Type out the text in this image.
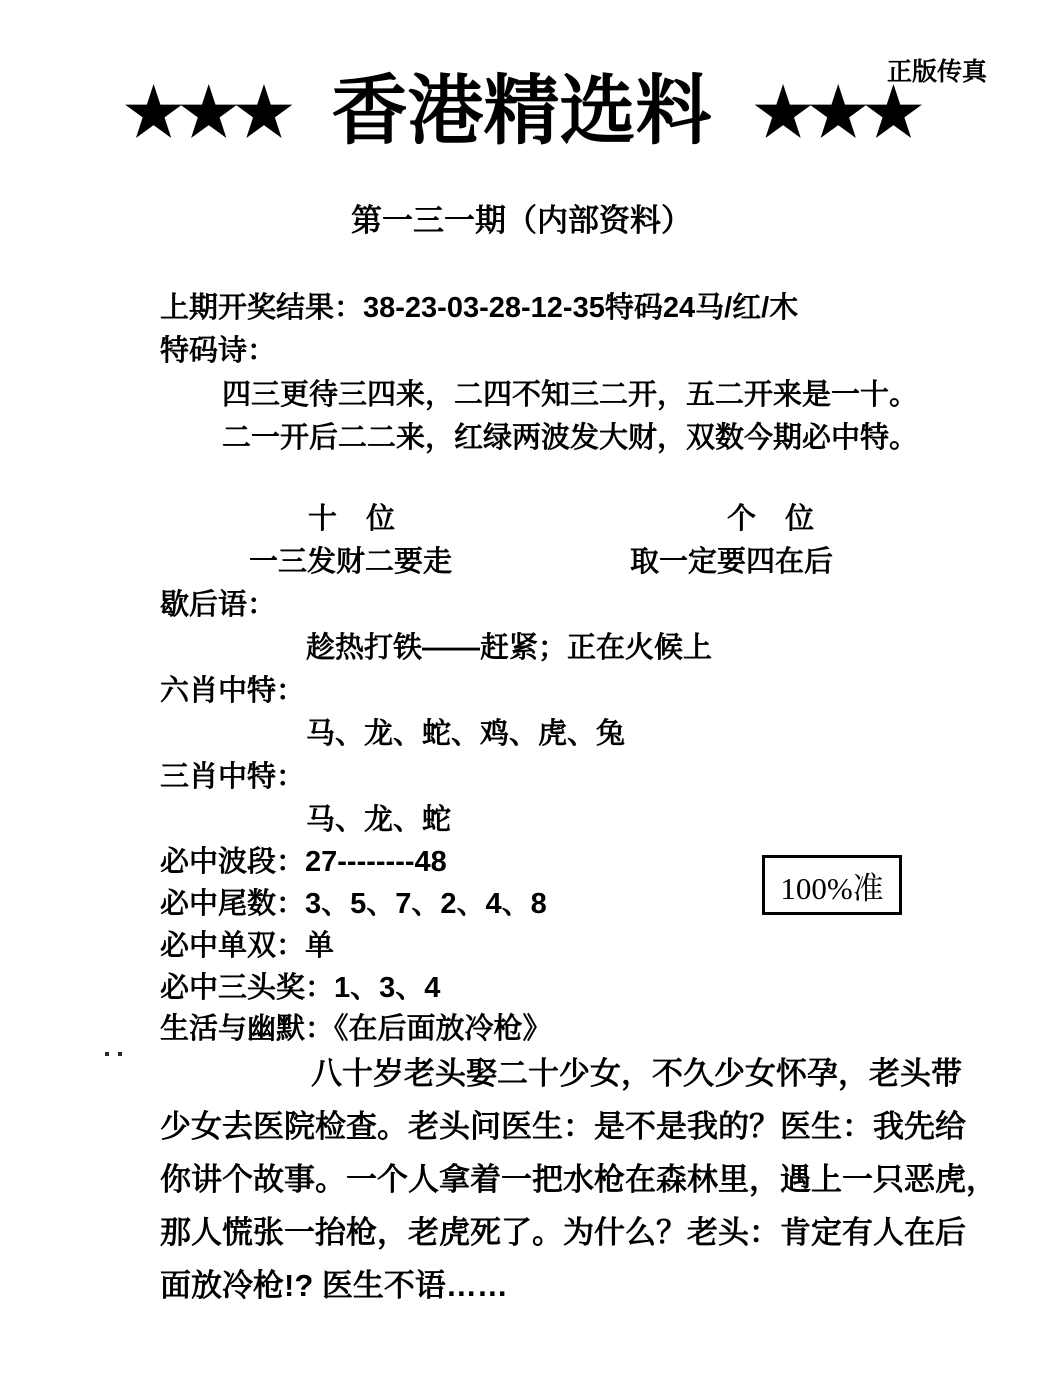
正版传真
★★★ 香港精选料 ★★★
第一三一期（内部资料）
上期开奖结果：38-23-03-28-12-35特码24马/红/木
特码诗：
四三更待三四来，二四不知三二开，五二开来是一十。
二一开后二二来，红绿两波发大财，双数今期必中特。
十　位	个　位
一三发财二要走	取一定要四在后
歇后语：
趁热打铁——赶紧；正在火候上
六肖中特：
马、龙、蛇、鸡、虎、兔
三肖中特：
马、龙、蛇
必中波段：27--------48
必中尾数：3、5、7、2、4、8
必中单双：单
必中三头奖：1、3、4
生活与幽默：《在后面放冷枪》
100%准
八十岁老头娶二十少女，不久少女怀孕，老头带
少女去医院检查。老头问医生：是不是我的？医生：我先给
你讲个故事。一个人拿着一把水枪在森林里，遇上一只恶虎，
那人慌张一抬枪，老虎死了。为什么？老头：肯定有人在后
面放冷枪!? 医生不语……
